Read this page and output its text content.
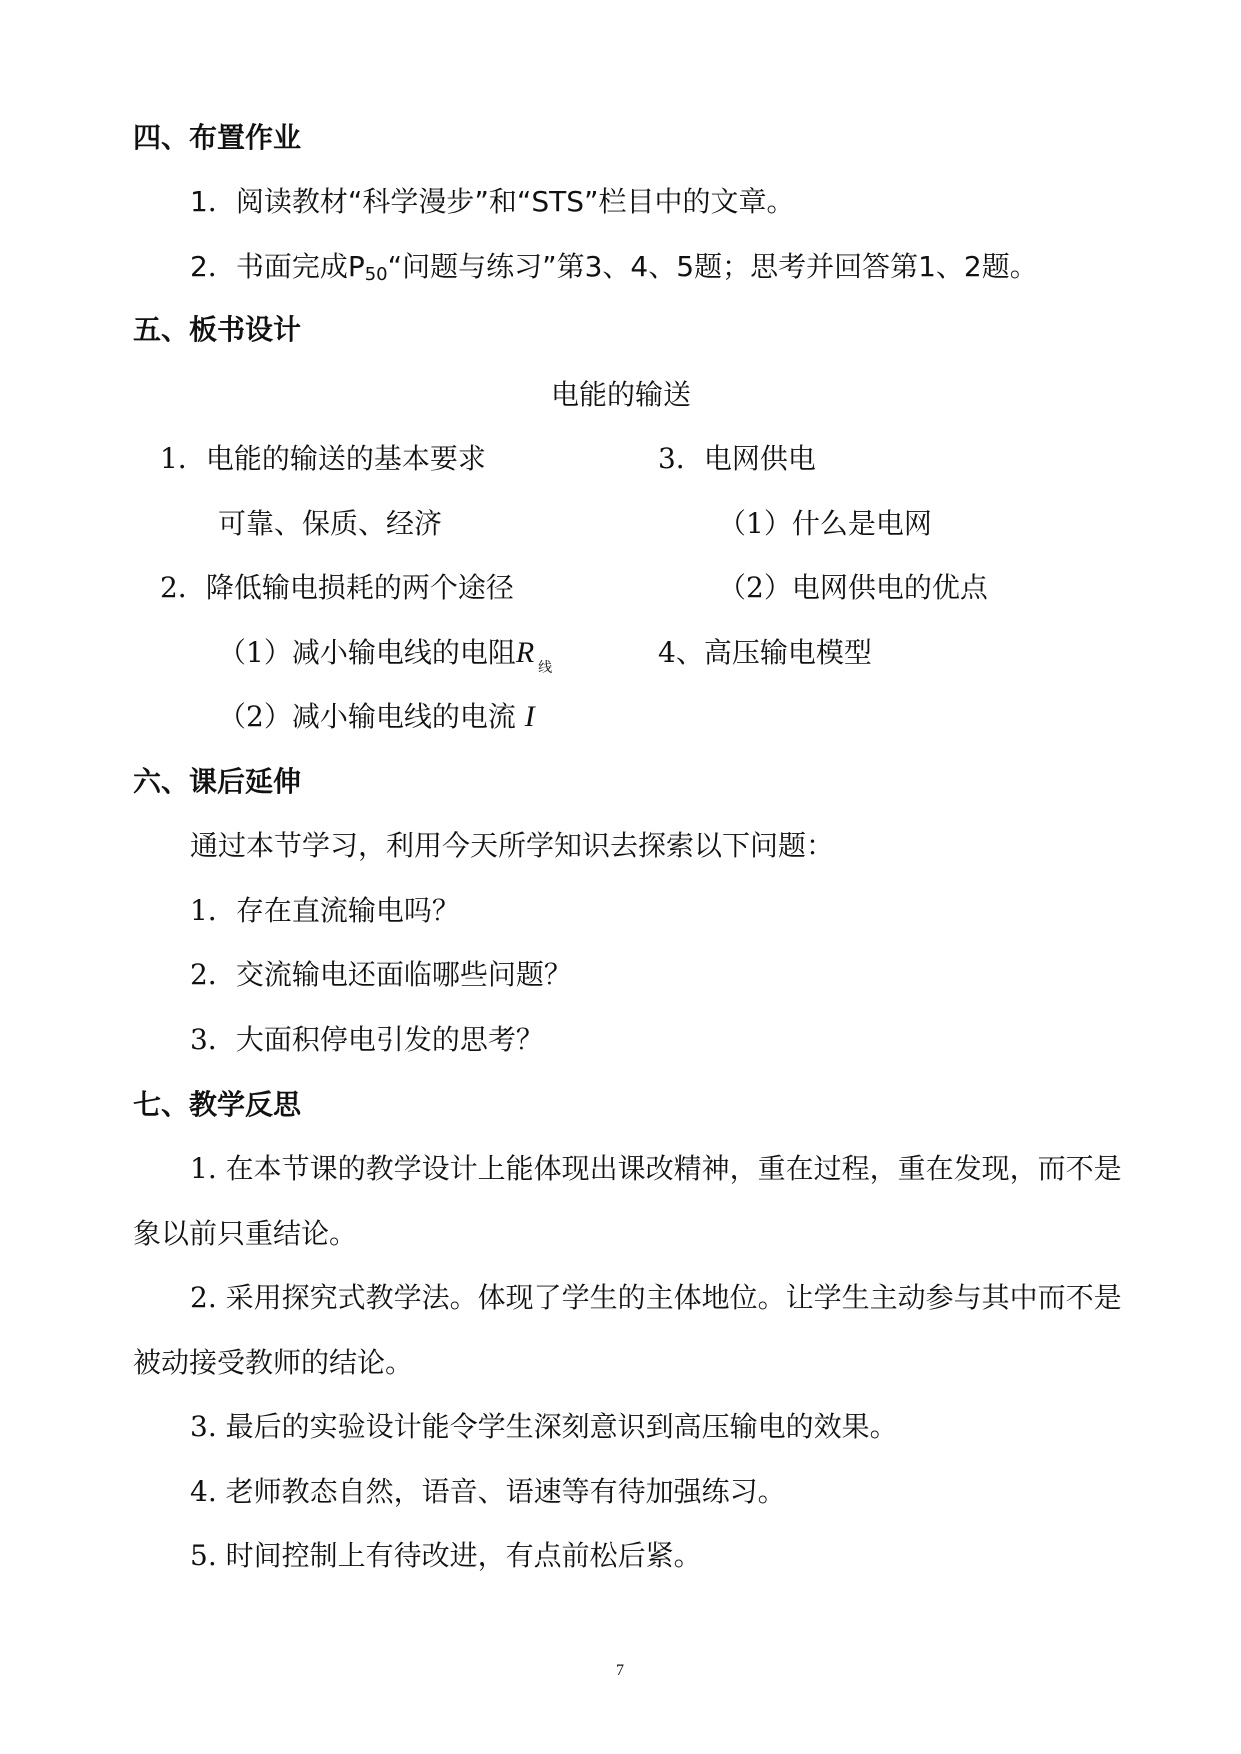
四、布置作业
1．阅读教材“科学漫步”和“STS”栏目中的文章。
2．书面完成$P_{50}“$问题与练习”第3、4、5题；思考并回答第1、2题。
五、板书设计
电能的输送
1．电能的输送的基本要求
可靠、保质、经济
2．降低输电损耗的两个途径
（1）减小输电线的电阻R $_线$
（2）减小输电线的电流 I
3．电网供电
（1）什么是电网
（2）电网供电的优点
4、高压输电模型
六、课后延伸
通过本节学习，利用今天所学知识去探索以下问题：
1．存在直流输电吗？
2．交流输电还面临哪些问题？
3．大面积停电引发的思考？
七、教学反思
1. 在本节课的教学设计上能体现出课改精神，重在过程，重在发现，而不是
象以前只重结论。
2. 采用探究式教学法。体现了学生的主体地位。让学生主动参与其中而不是
被动接受教师的结论。
3. 最后的实验设计能令学生深刻意识到高压输电的效果。
4. 老师教态自然，语音、语速等有待加强练习。
5. 时间控制上有待改进，有点前松后紧。
7
